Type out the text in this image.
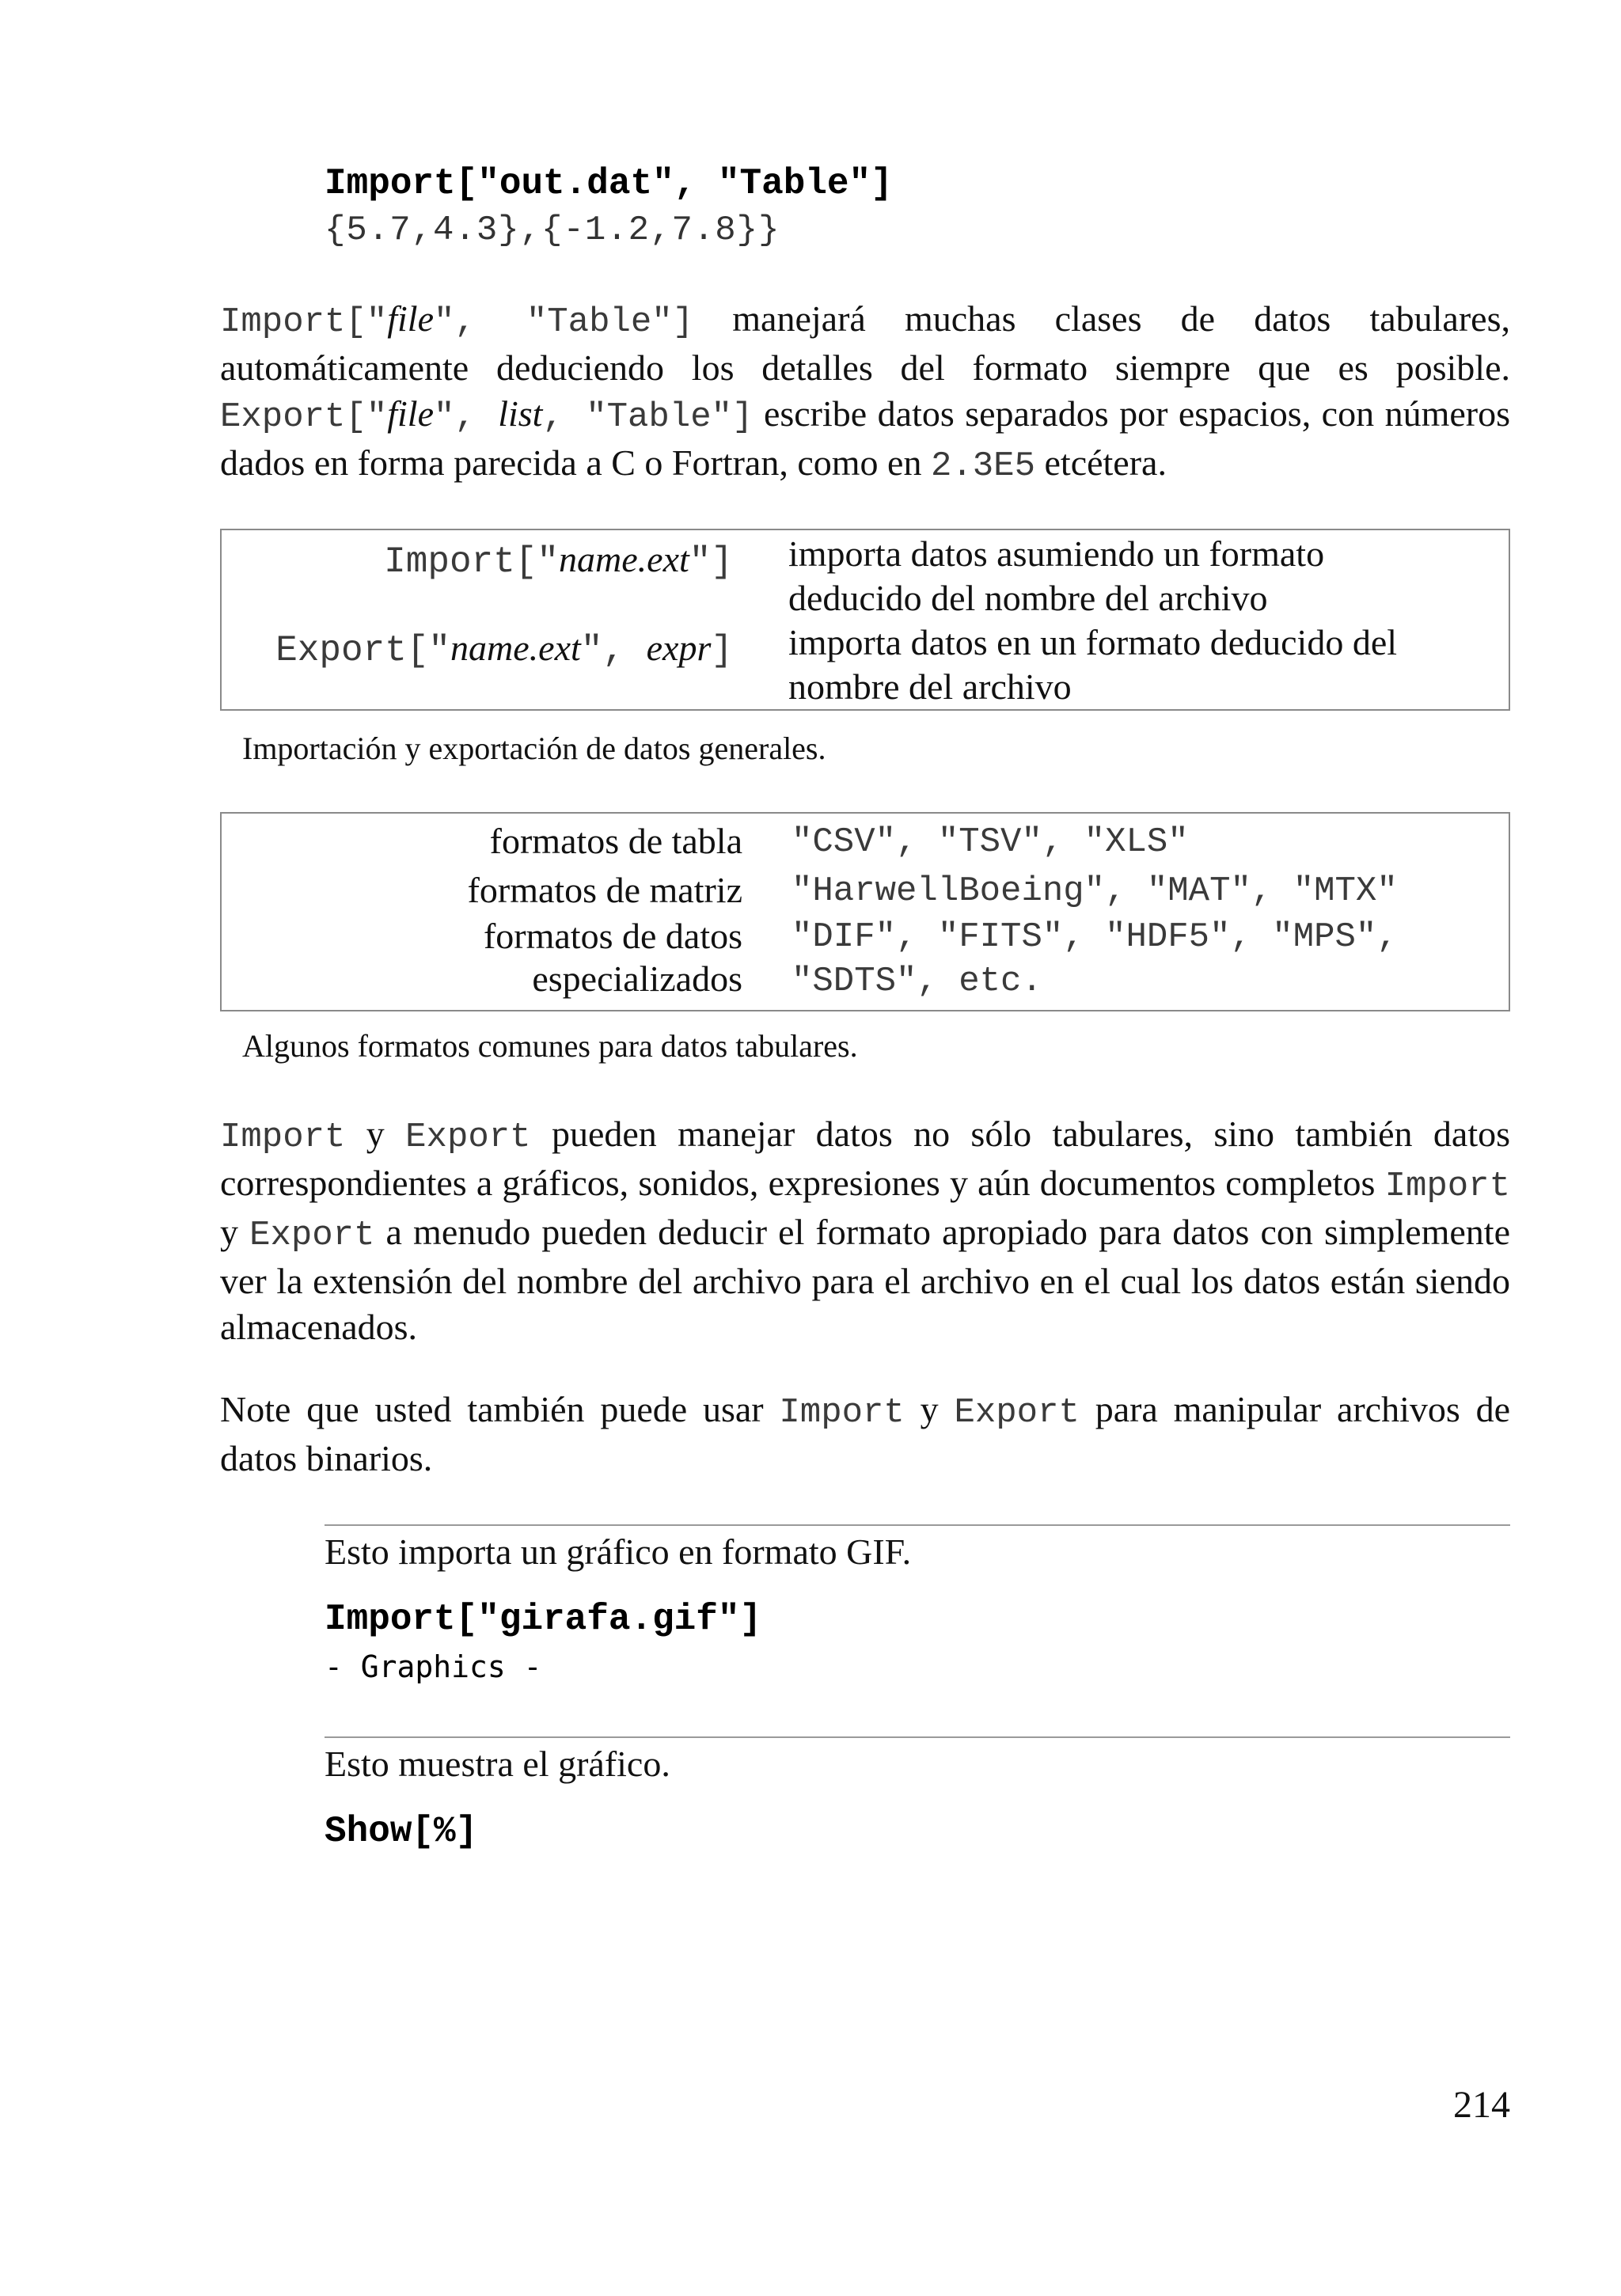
Import["out.dat", "Table"]
{5.7,4.3},{-1.2,7.8}}
Import["file", "Table"] manejará muchas clases de datos tabulares, automáticamente deduciendo los detalles del formato siempre que es posible. Export["file", list, "Table"] escribe datos separados por espacios, con números dados en forma parecida a C o Fortran, como en 2.3E5 etcétera.
Import["name.ext"] importa datos asumiendo un formato
deducido del nombre del archivo
Export["name.ext", expr] importa datos en un formato deducido del
nombre del archivo
Importación y exportación de datos generales.
formatos de tabla "CSV", "TSV", "XLS"
formatos de matriz "HarwellBoeing", "MAT", "MTX"
formatos de datos "DIF", "FITS", "HDF5", "MPS",
especializados "SDTS", etc.
Algunos formatos comunes para datos tabulares.
Import y Export pueden manejar datos no sólo tabulares, sino también datos correspondientes a gráficos, sonidos, expresiones y aún documentos completos Import y Export a menudo pueden deducir el formato apropiado para datos con simplemente ver la extensión del nombre del archivo para el archivo en el cual los datos están siendo almacenados.
Note que usted también puede usar Import y Export para manipular archivos de datos binarios.
Esto importa un gráfico en formato GIF.
Import["girafa.gif"]
- Graphics -
Esto muestra el gráfico.
Show[%]
214
